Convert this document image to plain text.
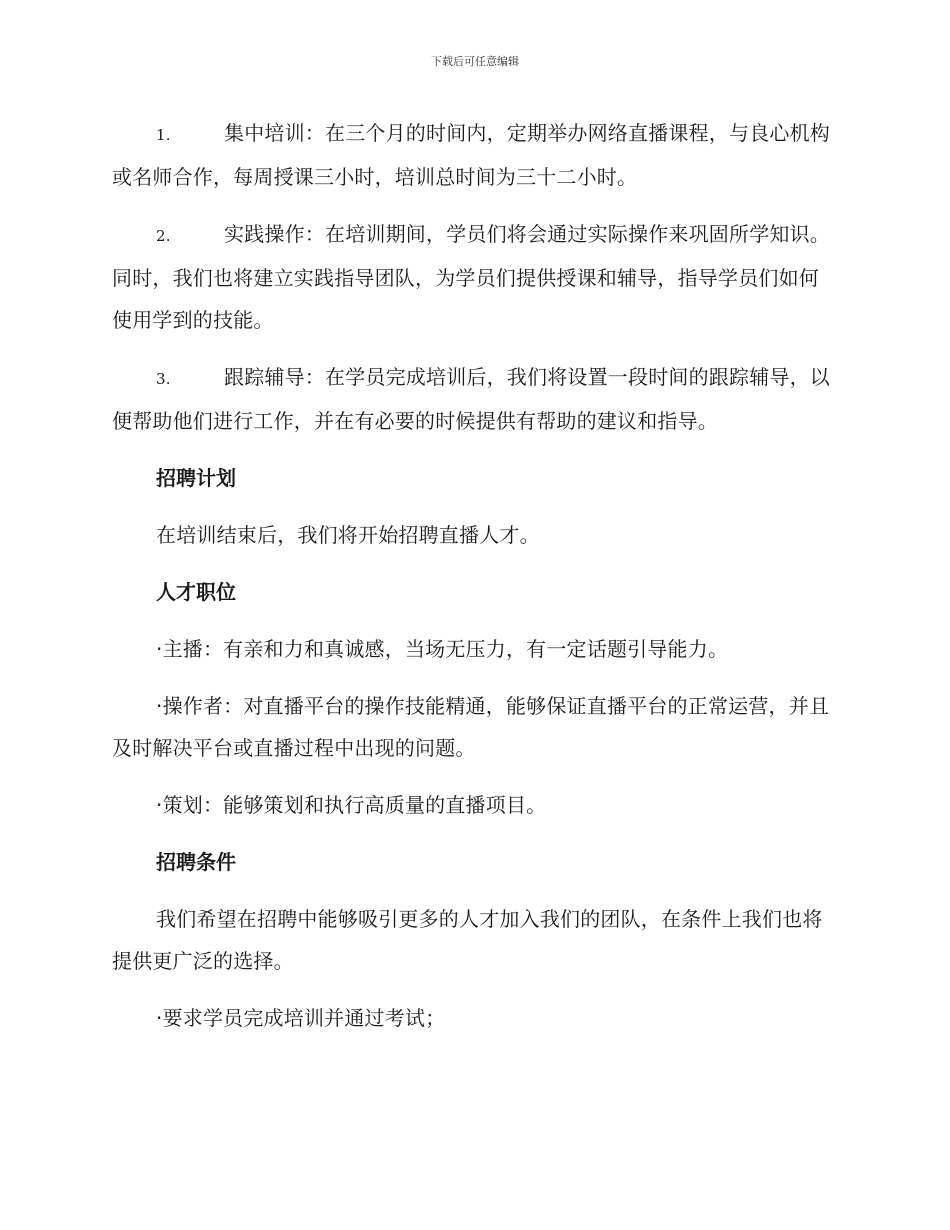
下载后可任意编辑

1.	集中培训：在三个月的时间内，定期举办网络直播课程，与良心机构或名师合作，每周授课三小时，培训总时间为三十二小时。

2.	实践操作：在培训期间，学员们将会通过实际操作来巩固所学知识。同时，我们也将建立实践指导团队，为学员们提供授课和辅导，指导学员们如何使用学到的技能。

3.	跟踪辅导：在学员完成培训后，我们将设置一段时间的跟踪辅导，以便帮助他们进行工作，并在有必要的时候提供有帮助的建议和指导。

招聘计划

在培训结束后，我们将开始招聘直播人才。

人才职位

·主播：有亲和力和真诚感，当场无压力，有一定话题引导能力。

·操作者：对直播平台的操作技能精通，能够保证直播平台的正常运营，并且及时解决平台或直播过程中出现的问题。

·策划：能够策划和执行高质量的直播项目。

招聘条件

我们希望在招聘中能够吸引更多的人才加入我们的团队，在条件上我们也将提供更广泛的选择。

·要求学员完成培训并通过考试；
